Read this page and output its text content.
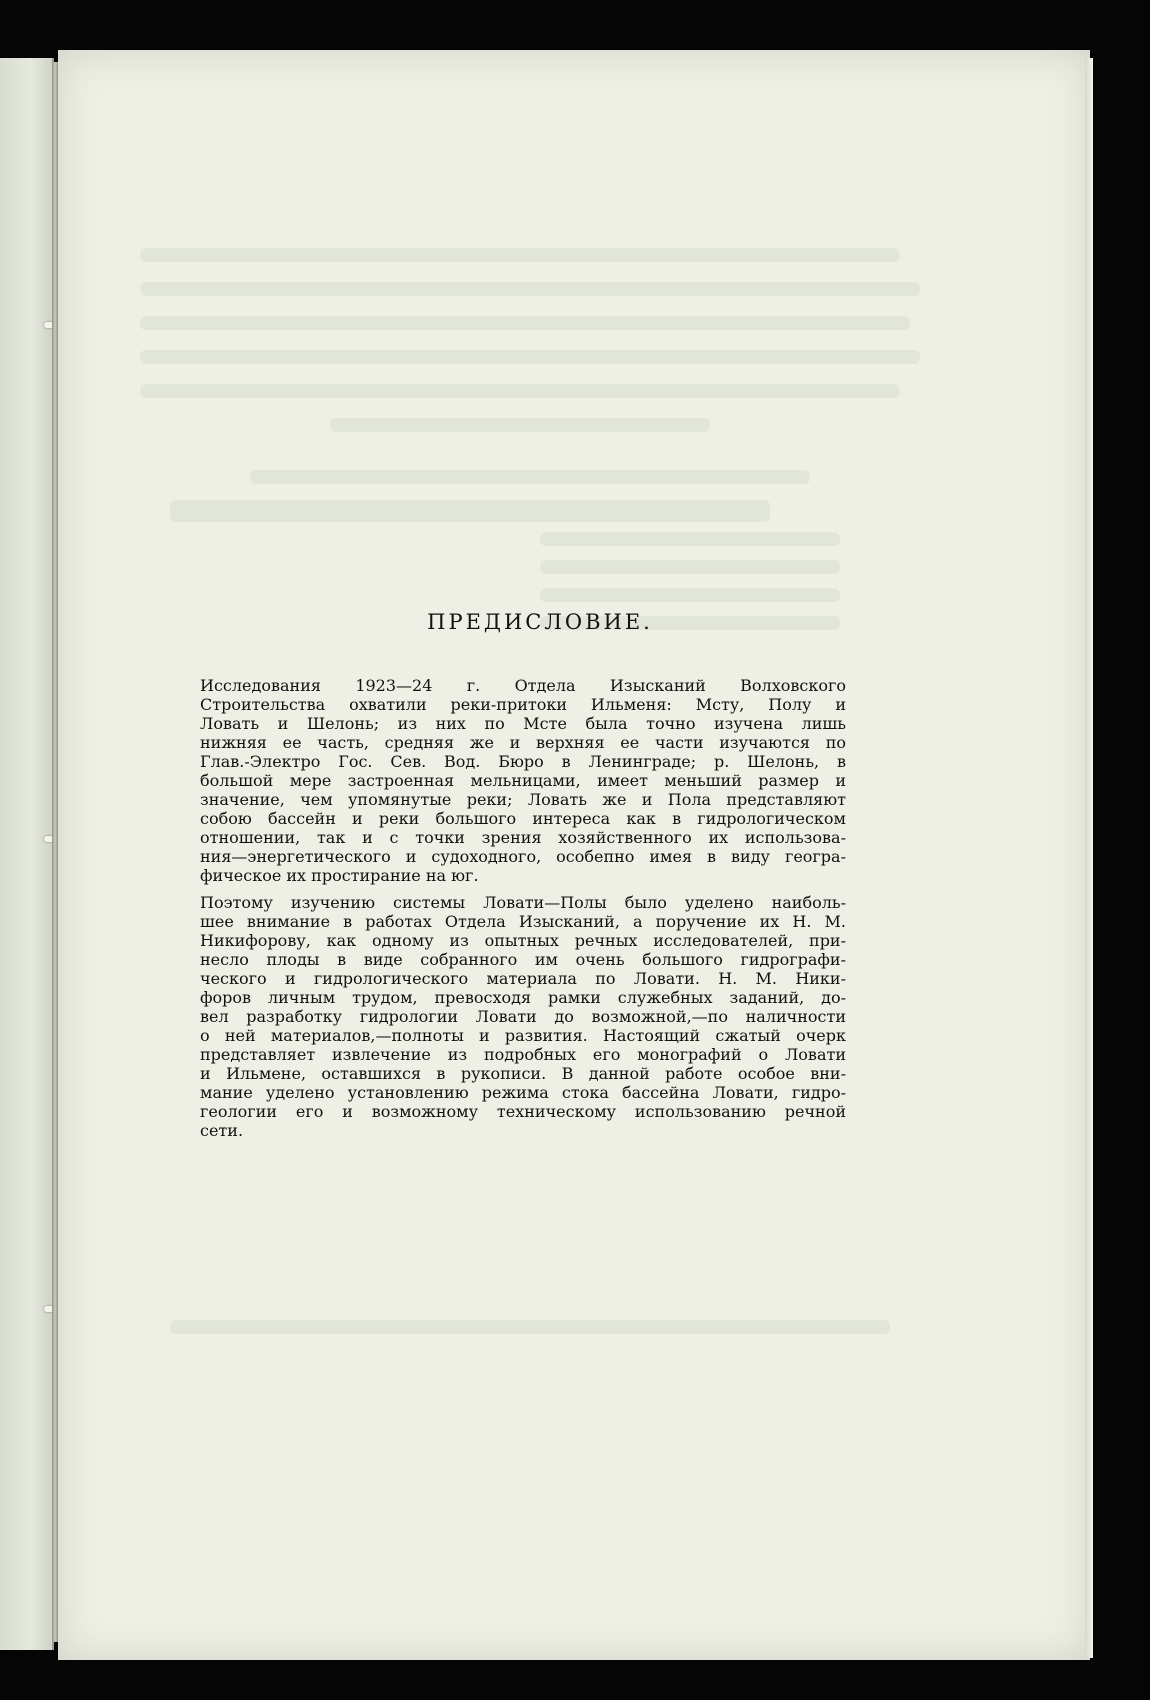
ПРЕДИСЛОВИЕ.
Исследования 1923—24 г. Отдела Изысканий Волховского
Строительства охватили реки-притоки Ильменя: Мсту, Полу и
Ловать и Шелонь; из них по Мсте была точно изучена лишь
нижняя ее часть, средняя же и верхняя ее части изучаются по
Глав.-Электро Гос. Сев. Вод. Бюро в Ленинграде; р. Шелонь, в
большой мере застроенная мельницами, имеет меньший размер и
значение, чем упомянутые реки; Ловать же и Пола представляют
собою бассейн и реки большого интереса как в гидрологическом
отношении, так и с точки зрения хозяйственного их использова-
ния—энергетического и судоходного, особепно имея в виду геогра-
фическое их простирание на юг.
Поэтому изучению системы Ловати—Полы было уделено наиболь-
шее внимание в работах Отдела Изысканий, а поручение их Н. М.
Никифорову, как одному из опытных речных исследователей, при-
несло плоды в виде собранного им очень большого гидрографи-
ческого и гидрологического материала по Ловати. Н. М. Ники-
форов личным трудом, превосходя рамки служебных заданий, до-
вел разработку гидрологии Ловати до возможной,—по наличности
о ней материалов,—полноты и развития. Настоящий сжатый очерк
представляет извлечение из подробных его монографий о Ловати
и Ильмене, оставшихся в рукописи. В данной работе особое вни-
мание уделено установлению режима стока бассейна Ловати, гидро-
геологии его и возможному техническому использованию речной
сети.
